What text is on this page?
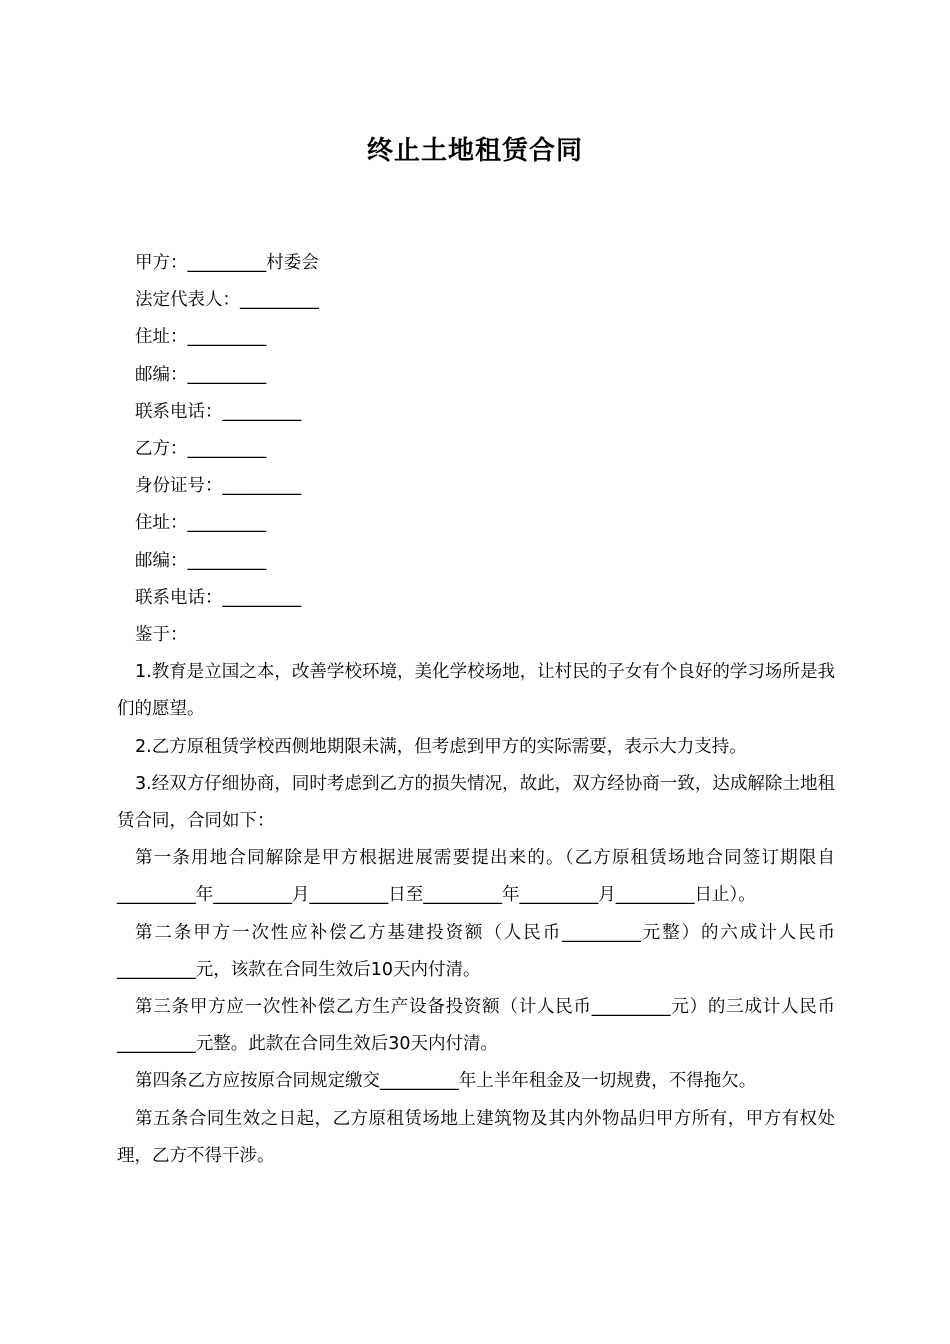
终止土地租赁合同

甲方：_________村委会

法定代表人：_________

住址：_________

邮编：_________

联系电话：_________

乙方：_________

身份证号：_________

住址：_________

邮编：_________

联系电话：_________

鉴于：

1.教育是立国之本，改善学校环境，美化学校场地，让村民的子女有个良好的学习场所是我们的愿望。

2.乙方原租赁学校西侧地期限未满，但考虑到甲方的实际需要，表示大力支持。

3.经双方仔细协商，同时考虑到乙方的损失情况，故此，双方经协商一致，达成解除土地租赁合同，合同如下：

第一条用地合同解除是甲方根据进展需要提出来的。（乙方原租赁场地合同签订期限自_________年_________月_________日至_________年_________月_________日止）。

第二条甲方一次性应补偿乙方基建投资额（人民币_________元整）的六成计人民币_________元，该款在合同生效后10天内付清。

第三条甲方应一次性补偿乙方生产设备投资额（计人民币_________元）的三成计人民币_________元整。此款在合同生效后30天内付清。

第四条乙方应按原合同规定缴交_________年上半年租金及一切规费，不得拖欠。

第五条合同生效之日起，乙方原租赁场地上建筑物及其内外物品归甲方所有，甲方有权处理，乙方不得干涉。
